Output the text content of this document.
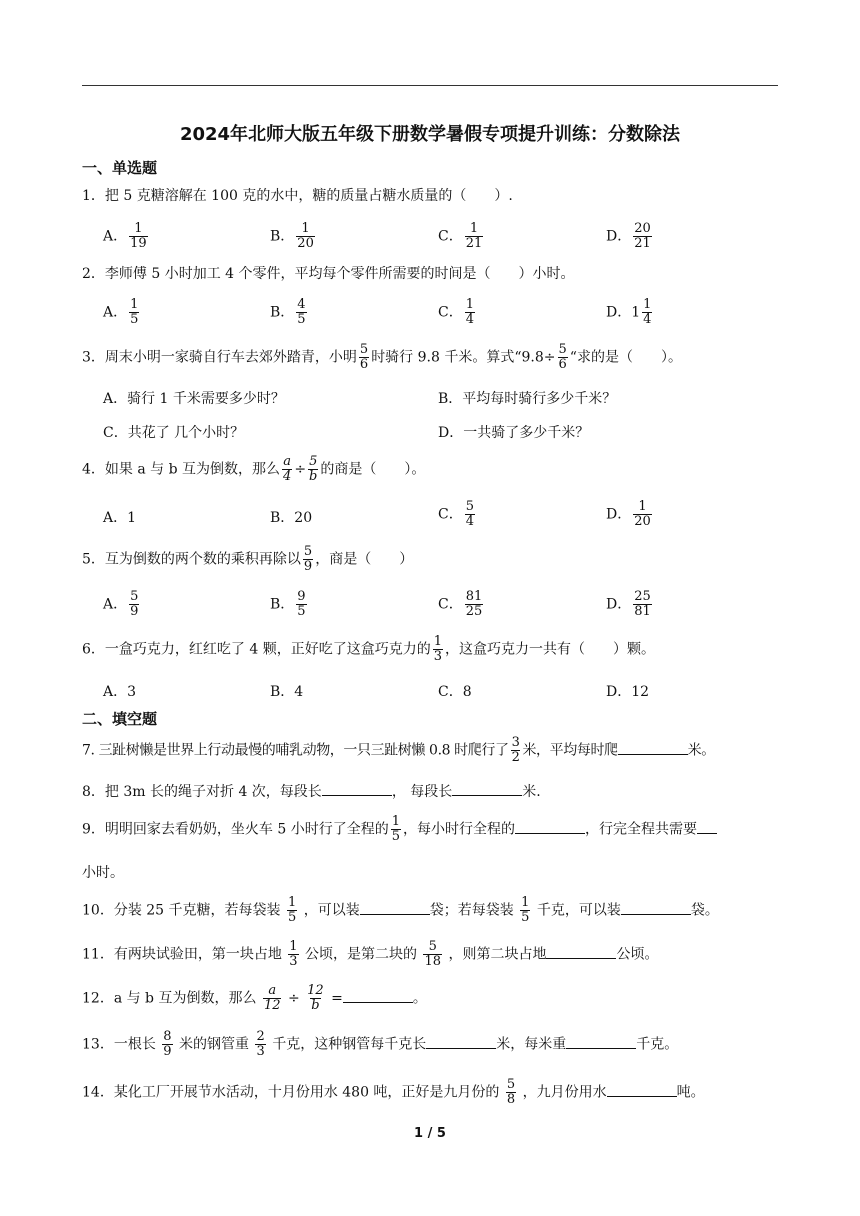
2024年北师大版五年级下册数学暑假专项提升训练：分数除法
一、单选题
1．把 5 克糖溶解在 100 克的水中，糖的质量占糖水质量的（　　）.
A． $\frac{1}{19}$	B． $\frac{1}{20}$	C． $\frac{1}{21}$	D． $\frac{20}{21}$
2．李师傅 5 小时加工 4 个零件，平均每个零件所需要的时间是（　　）小时。
A． $\frac{1}{5}$	B． $\frac{4}{5}$	C． $\frac{1}{4}$	D．$1 \frac{1}{4}$
3．周末小明一家骑自行车去郊外踏青，小明 $\frac{5}{6}$ 时骑行 9.8 千米。算式“$9.8\div \frac{5}{6}$ “求的是（　　）。
A．骑行 1 千米需要多少时？	B．平均每时骑行多少千米？
C．共花了 几个小时？	D．一共骑了多少千米？
4．如果 a 与 b 互为倒数，那么 $\frac{a}{4} \div \frac{5}{b}$ 的商是（　　）。
A．1	B．20	C． $\frac{5}{4}$	D． $\frac{1}{20}$
5．互为倒数的两个数的乘积再除以 $\frac{5}{9}$ ，商是（　　）
A． $\frac{5}{9}$	B． $\frac{9}{5}$	C． $\frac{81}{25}$	D． $\frac{25}{81}$
6．一盒巧克力，红红吃了 4 颗，正好吃了这盒巧克力的 $\frac{1}{3}$ ，这盒巧克力一共有（　　）颗。
A．3	B．4	C．8	D．12
二、填空题
7. 三趾树懒是世界上行动最慢的哺乳动物，一只三趾树懒 0.8 时爬行了 $\frac{3}{2}$ 米，平均每时爬	米。
8．把 3m 长的绳子对折 4 次，每段长	， 每段长	米.
9．明明回家去看奶奶，坐火车 5 小时行了全程的 $\frac{1}{5}$ ，每小时行全程的	，行完全程共需要
小时。
10．分装 25 千克糖，若每袋装 $\frac{1}{5}$ ，可以装	袋；若每袋装 $\frac{1}{5}$ 千克，可以装	袋。
11．有两块试验田，第一块占地 $\frac{1}{3}$ 公顷，是第二块的 $\frac{5}{18}$ ，则第二块占地	公顷。
12．a 与 b 互为倒数，那么 $\frac{a}{12} \div \frac{12}{b}$ =	。
13．一根长 $\frac{8}{9}$ 米的钢管重 $\frac{2}{3}$ 千克，这种钢管每千克长	米，每米重	千克。
14．某化工厂开展节水活动，十月份用水 480 吨，正好是九月份的 $\frac{5}{8}$ ，九月份用水	吨。
1 / 5
